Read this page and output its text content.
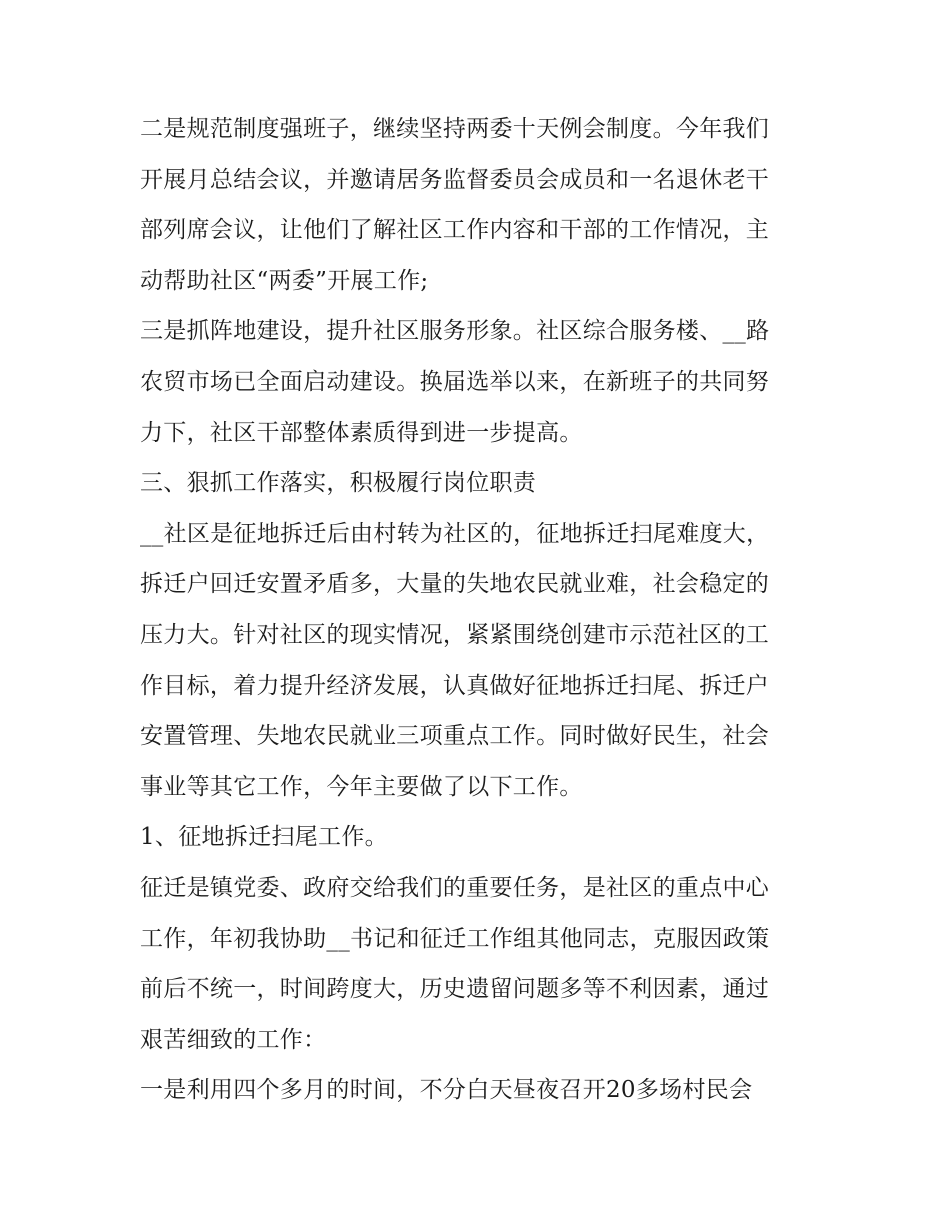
二是规范制度强班子，继续坚持两委十天例会制度。今年我们
开展月总结会议，并邀请居务监督委员会成员和一名退休老干
部列席会议，让他们了解社区工作内容和干部的工作情况，主
动帮助社区“两委”开展工作;
三是抓阵地建设，提升社区服务形象。社区综合服务楼、__路
农贸市场已全面启动建设。换届选举以来，在新班子的共同努
力下，社区干部整体素质得到进一步提高。
三、狠抓工作落实，积极履行岗位职责
__社区是征地拆迁后由村转为社区的，征地拆迁扫尾难度大，
拆迁户回迁安置矛盾多，大量的失地农民就业难，社会稳定的
压力大。针对社区的现实情况，紧紧围绕创建市示范社区的工
作目标，着力提升经济发展，认真做好征地拆迁扫尾、拆迁户
安置管理、失地农民就业三项重点工作。同时做好民生，社会
事业等其它工作，今年主要做了以下工作。
1、征地拆迁扫尾工作。
征迁是镇党委、政府交给我们的重要任务，是社区的重点中心
工作，年初我协助__书记和征迁工作组其他同志，克服因政策
前后不统一，时间跨度大，历史遗留问题多等不利因素，通过
艰苦细致的工作：
一是利用四个多月的时间，不分白天昼夜召开20多场村民会
